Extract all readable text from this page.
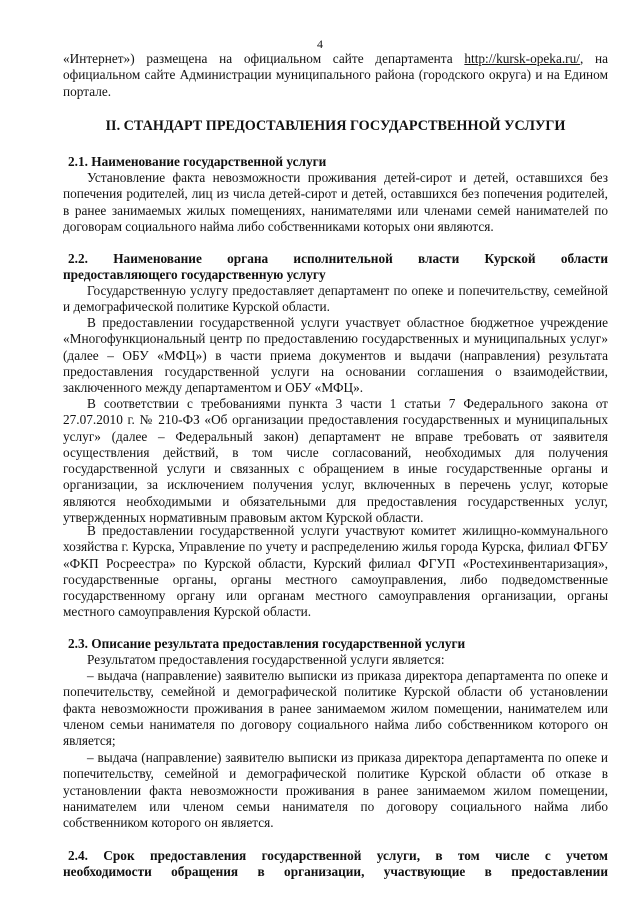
4

«Интернет») размещена на официальном сайте департамента http://kursk-opeka.ru/, на официальном сайте Администрации муниципального района (городского округа) и на Едином портале.

II. СТАНДАРТ ПРЕДОСТАВЛЕНИЯ ГОСУДАРСТВЕННОЙ УСЛУГИ

2.1. Наименование государственной услуги

Установление факта невозможности проживания детей-сирот и детей, оставшихся без попечения родителей, лиц из числа детей-сирот и детей, оставшихся без попечения родителей, в ранее занимаемых жилых помещениях, нанимателями или членами семей нанимателей по договорам социального найма либо собственниками которых они являются.

2.2. Наименование органа исполнительной власти Курской области

предоставляющего государственную услугу

Государственную услугу предоставляет департамент по опеке и попечительству, семейной и демографической политике Курской области.

В предоставлении государственной услуги участвует областное бюджетное учреждение «Многофункциональный центр по предоставлению государственных и муниципальных услуг» (далее – ОБУ «МФЦ») в части приема документов и выдачи (направления) результата предоставления государственной услуги на основании соглашения о взаимодействии, заключенного между департаментом и ОБУ «МФЦ».

В соответствии с требованиями пункта 3 части 1 статьи 7 Федерального закона от 27.07.2010 г. № 210-ФЗ «Об организации предоставления государственных и муниципальных услуг» (далее – Федеральный закон) департамент не вправе требовать от заявителя осуществления действий, в том числе согласований, необходимых для получения государственной услуги и связанных с обращением в иные государственные органы и организации, за исключением получения услуг, включенных в перечень услуг, которые являются необходимыми и обязательными для предоставления государственных услуг, утвержденных нормативным правовым актом Курской области.

В предоставлении государственной услуги участвуют комитет жилищно-коммунального хозяйства г. Курска, Управление по учету и распределению жилья города Курска, филиал ФГБУ «ФКП Росреестра» по Курской области, Курский филиал ФГУП «Ростехинвентаризация», государственные органы, органы местного самоуправления, либо подведомственные государственному органу или органам местного самоуправления организации, органы местного самоуправления Курской области.

2.3. Описание результата предоставления государственной услуги

Результатом предоставления государственной услуги является:

– выдача (направление) заявителю выписки из приказа директора департамента по опеке и попечительству, семейной и демографической политике Курской области об установлении факта невозможности проживания в ранее занимаемом жилом помещении, нанимателем или членом семьи нанимателя по договору социального найма либо собственником которого он является;

– выдача (направление) заявителю выписки из приказа директора департамента по опеке и попечительству, семейной и демографической политике Курской области об отказе в установлении факта невозможности проживания в ранее занимаемом жилом помещении, нанимателем или членом семьи нанимателя по договору социального найма либо собственником которого он является.

2.4. Срок предоставления государственной услуги, в том числе с учетом

необходимости обращения в организации, участвующие в предоставлении
